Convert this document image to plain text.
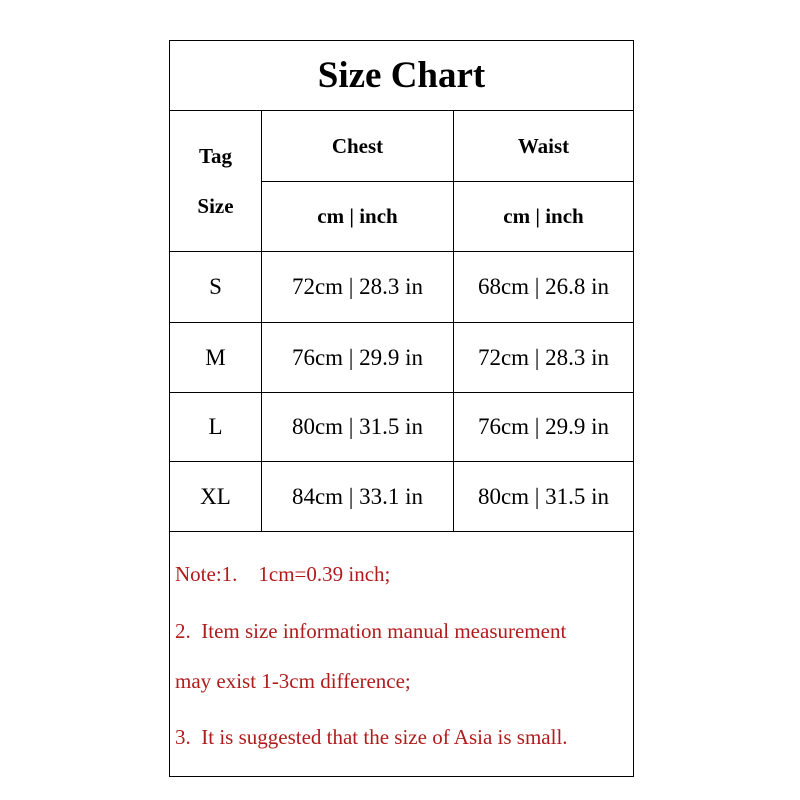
Size Chart
Tag
Size
Chest	Waist
cm | inch	cm | inch
S	72cm | 28.3 in	68cm | 26.8 in
M	76cm | 29.9 in	72cm | 28.3 in
L	80cm | 31.5 in	76cm | 29.9 in
XL	84cm | 33.1 in	80cm | 31.5 in
Note:1.    1cm=0.39 inch;
2.  Item size information manual measurement
may exist 1-3cm difference;
3.  It is suggested that the size of Asia is small.
